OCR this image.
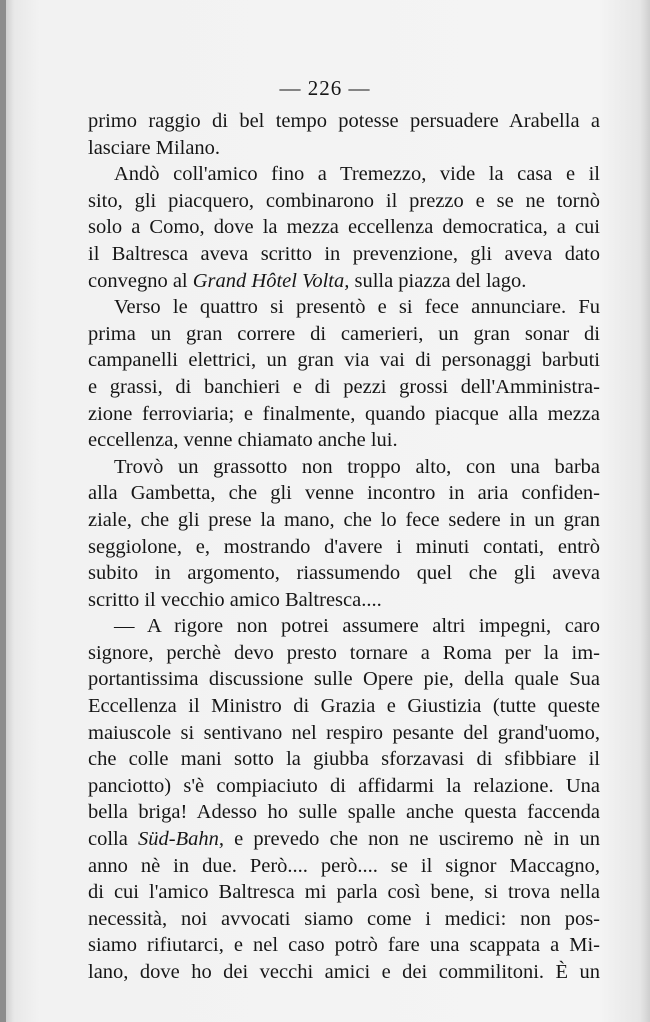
— 226 —
primo raggio di bel tempo potesse persuadere Arabella a
lasciare Milano.
Andò coll'amico fino a Tremezzo, vide la casa e il
sito, gli piacquero, combinarono il prezzo e se ne tornò
solo a Como, dove la mezza eccellenza democratica, a cui
il Baltresca aveva scritto in prevenzione, gli aveva dato
convegno al Grand Hôtel Volta, sulla piazza del lago.
Verso le quattro si presentò e si fece annunciare. Fu
prima un gran correre di camerieri, un gran sonar di
campanelli elettrici, un gran via vai di personaggi barbuti
e grassi, di banchieri e di pezzi grossi dell'Amministra-
zione ferroviaria; e finalmente, quando piacque alla mezza
eccellenza, venne chiamato anche lui.
Trovò un grassotto non troppo alto, con una barba
alla Gambetta, che gli venne incontro in aria confiden-
ziale, che gli prese la mano, che lo fece sedere in un gran
seggiolone, e, mostrando d'avere i minuti contati, entrò
subito in argomento, riassumendo quel che gli aveva
scritto il vecchio amico Baltresca....
— A rigore non potrei assumere altri impegni, caro
signore, perchè devo presto tornare a Roma per la im-
portantissima discussione sulle Opere pie, della quale Sua
Eccellenza il Ministro di Grazia e Giustizia (tutte queste
maiuscole si sentivano nel respiro pesante del grand'uomo,
che colle mani sotto la giubba sforzavasi di sfibbiare il
panciotto) s'è compiaciuto di affidarmi la relazione. Una
bella briga! Adesso ho sulle spalle anche questa faccenda
colla Süd-Bahn, e prevedo che non ne usciremo nè in un
anno nè in due. Però.... però.... se il signor Maccagno,
di cui l'amico Baltresca mi parla così bene, si trova nella
necessità, noi avvocati siamo come i medici: non pos-
siamo rifiutarci, e nel caso potrò fare una scappata a Mi-
lano, dove ho dei vecchi amici e dei commilitoni. È un
